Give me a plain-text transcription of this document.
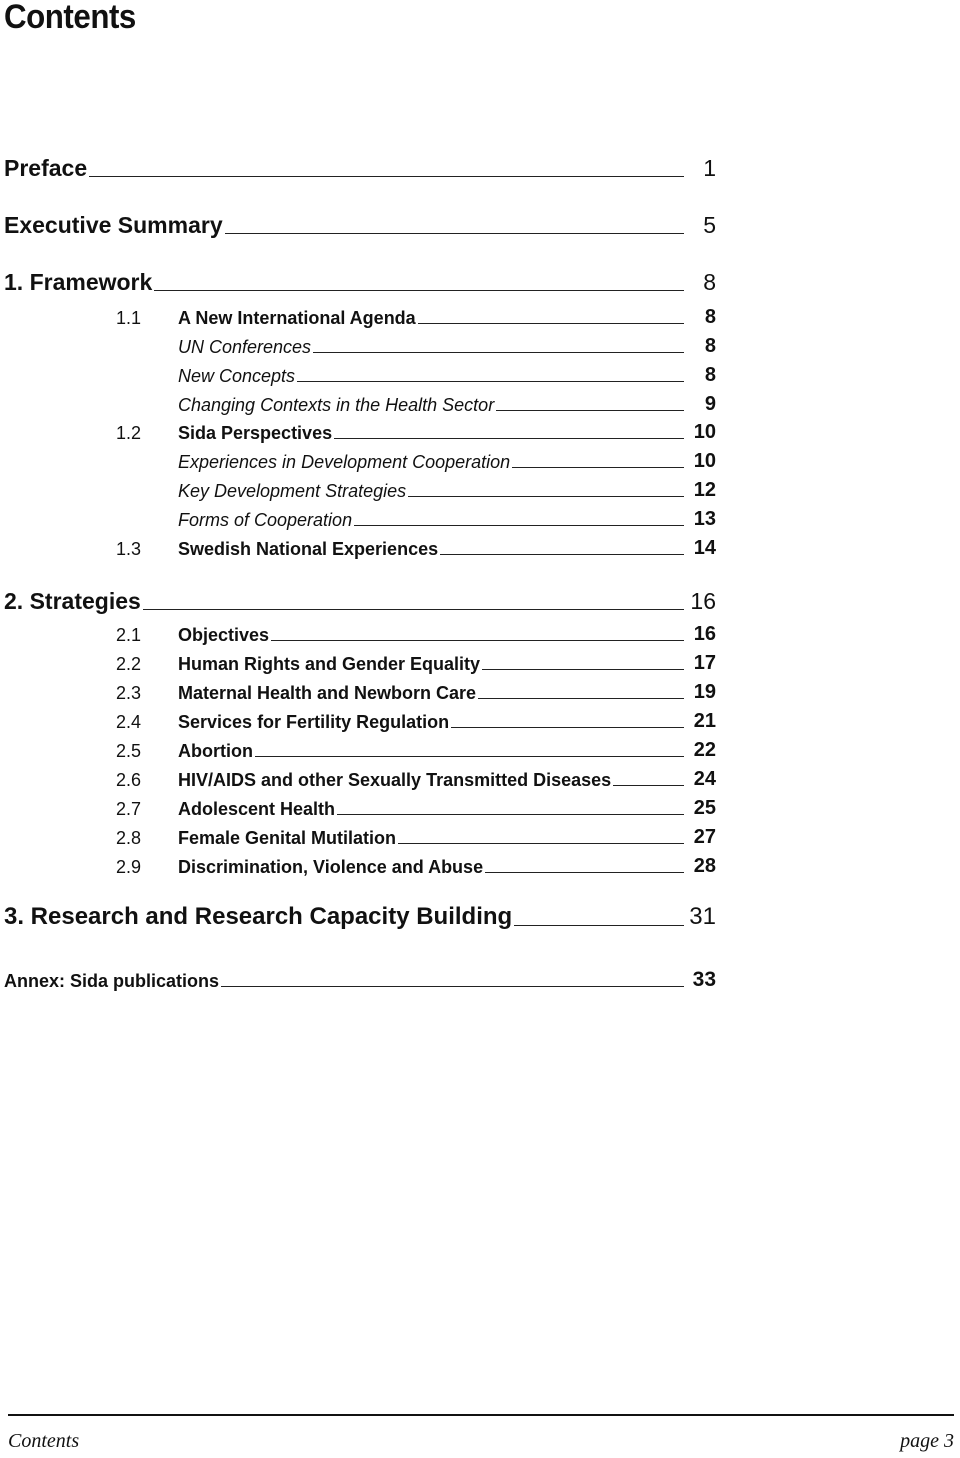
Contents
Preface	1
Executive Summary	5
1. Framework	8
1.1	A New International Agenda	8
UN Conferences	8
New Concepts	8
Changing Contexts in the Health Sector	9
1.2	Sida Perspectives	10
Experiences in Development Cooperation	10
Key Development Strategies	12
Forms of Cooperation	13
1.3	Swedish National Experiences	14
2. Strategies	16
2.1	Objectives	16
2.2	Human Rights and Gender Equality	17
2.3	Maternal Health and Newborn Care	19
2.4	Services for Fertility Regulation	21
2.5	Abortion	22
2.6	HIV/AIDS and other Sexually Transmitted Diseases	24
2.7	Adolescent Health	25
2.8	Female Genital Mutilation	27
2.9	Discrimination, Violence and Abuse	28
3. Research and Research Capacity Building	31
Annex: Sida publications	33
Contents	page 3
